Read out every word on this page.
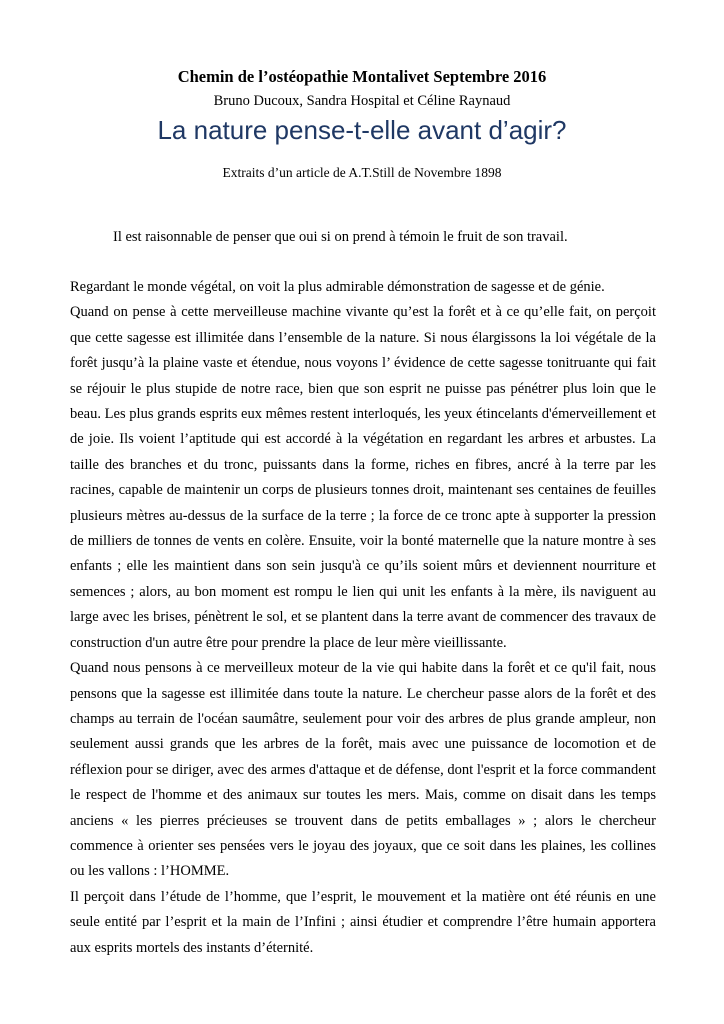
Chemin de l’ostéopathie Montalivet Septembre 2016
Bruno Ducoux, Sandra Hospital et Céline Raynaud
La nature pense-t-elle avant d’agir?
Extraits d’un article de A.T.Still de Novembre 1898
Il est raisonnable de penser que oui si on prend à témoin le fruit de son travail.

Regardant le monde végétal, on voit la plus admirable démonstration de sagesse et de génie.

Quand on pense à cette merveilleuse machine vivante qu’est la forêt et à ce qu’elle fait, on perçoit que cette sagesse est illimitée dans l’ensemble de la nature. Si nous élargissons la loi végétale de la forêt jusqu’à la plaine vaste et étendue, nous voyons l’ évidence de cette sagesse tonitruante qui fait se réjouir le plus stupide de notre race, bien que son esprit ne puisse pas pénétrer plus loin que le beau. Les plus grands esprits eux mêmes restent interloqués, les yeux étincelants d'émerveillement et de joie. Ils voient l’aptitude qui est accordé à la végétation en regardant les arbres et arbustes. La taille des branches et du tronc, puissants dans la forme, riches en fibres, ancré à la terre par les racines, capable de maintenir un corps de plusieurs tonnes droit, maintenant ses centaines de feuilles plusieurs mètres au-dessus de la surface de la terre ; la force de ce tronc apte à supporter la pression de milliers de tonnes de vents en colère. Ensuite, voir la bonté maternelle que la nature montre à ses enfants ; elle les maintient dans son sein jusqu'à ce qu’ils soient mûrs et deviennent nourriture et semences ; alors, au bon moment est rompu le lien qui unit les enfants à la mère, ils naviguent au large avec les brises, pénètrent le sol, et se plantent dans la terre avant de commencer des travaux de construction d'un autre être pour prendre la place de leur mère vieillissante.

Quand nous pensons à ce merveilleux moteur de la vie qui habite dans la forêt et ce qu'il fait, nous pensons que la sagesse est illimitée dans toute la nature. Le chercheur passe alors de la forêt et des champs au terrain de l'océan saumâtre, seulement pour voir des arbres de plus grande ampleur, non seulement aussi grands que les arbres de la forêt, mais avec une puissance de locomotion et de réflexion pour se diriger, avec des armes d'attaque et de défense, dont l'esprit et la force commandent le respect de l'homme et des animaux sur toutes les mers. Mais, comme on disait dans les temps anciens « les pierres précieuses se trouvent dans de petits emballages » ; alors le chercheur commence à orienter ses pensées vers le joyau des joyaux, que ce soit dans les plaines, les collines ou les vallons : l’HOMME.

Il perçoit dans l’étude de l’homme, que l’esprit, le mouvement et la matière ont été réunis en une seule entité par l’esprit et la main de l’Infini ; ainsi étudier et comprendre l’être humain apportera aux esprits mortels des instants d’éternité.
